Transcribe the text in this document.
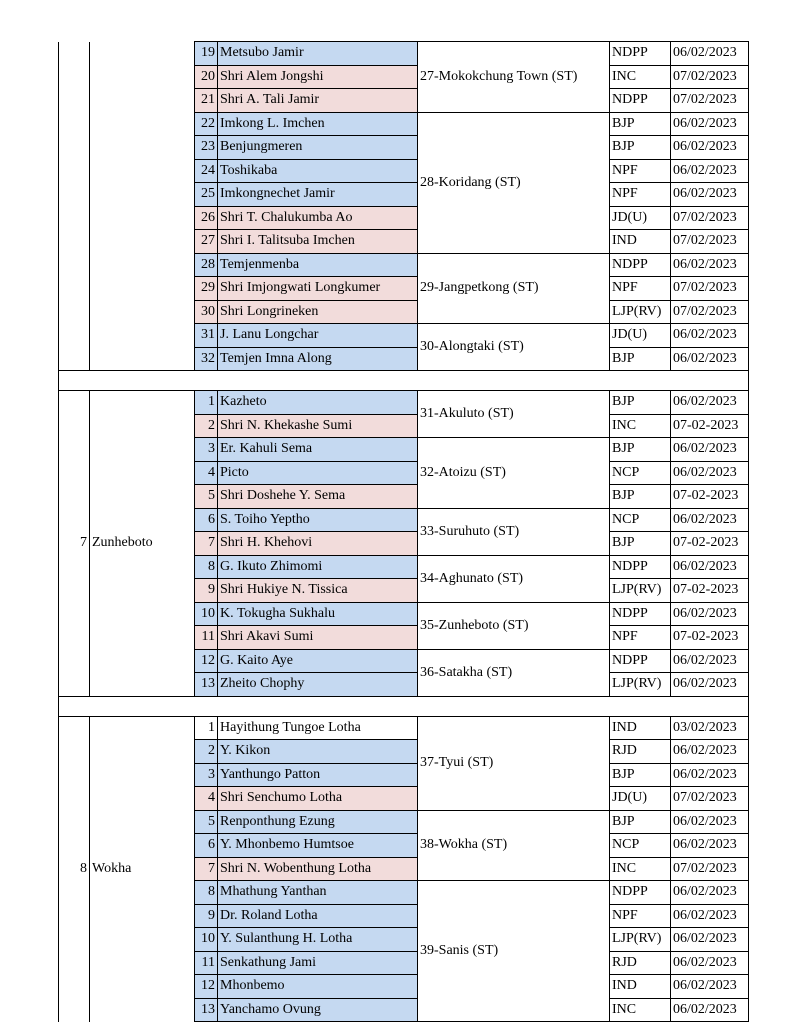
		19	Metsubo Jamir	27-Mokokchung Town (ST)	NDPP	06/02/2023
		20	Shri Alem Jongshi		INC	07/02/2023
		21	Shri A. Tali Jamir		NDPP	07/02/2023
		22	Imkong L. Imchen	28-Koridang (ST)	BJP	06/02/2023
		23	Benjungmeren		BJP	06/02/2023
		24	Toshikaba		NPF	06/02/2023
		25	Imkongnechet Jamir		NPF	06/02/2023
		26	Shri T. Chalukumba Ao		JD(U)	07/02/2023
		27	Shri I. Talitsuba Imchen		IND	07/02/2023
		28	Temjenmenba	29-Jangpetkong (ST)	NDPP	06/02/2023
		29	Shri Imjongwati Longkumer		NPF	07/02/2023
		30	Shri Longrineken		LJP(RV)	07/02/2023
		31	J. Lanu Longchar	30-Alongtaki (ST)	JD(U)	06/02/2023
		32	Temjen Imna Along		BJP	06/02/2023

7	Zunheboto	1	Kazheto	31-Akuluto (ST)	BJP	06/02/2023
		2	Shri N. Khekashe Sumi		INC	07-02-2023
		3	Er. Kahuli Sema	32-Atoizu (ST)	BJP	06/02/2023
		4	Picto		NCP	06/02/2023
		5	Shri Doshehe Y. Sema		BJP	07-02-2023
		6	S. Toiho Yeptho	33-Suruhuto (ST)	NCP	06/02/2023
		7	Shri H. Khehovi		BJP	07-02-2023
		8	G. Ikuto Zhimomi	34-Aghunato (ST)	NDPP	06/02/2023
		9	Shri Hukiye N. Tissica		LJP(RV)	07-02-2023
		10	K. Tokugha Sukhalu	35-Zunheboto (ST)	NDPP	06/02/2023
		11	Shri Akavi Sumi		NPF	07-02-2023
		12	G. Kaito Aye	36-Satakha (ST)	NDPP	06/02/2023
		13	Zheito Chophy		LJP(RV)	06/02/2023

8	Wokha	1	Hayithung Tungoe Lotha	37-Tyui (ST)	IND	03/02/2023
		2	Y. Kikon		RJD	06/02/2023
		3	Yanthungo Patton		BJP	06/02/2023
		4	Shri Senchumo Lotha		JD(U)	07/02/2023
		5	Renponthung Ezung	38-Wokha (ST)	BJP	06/02/2023
		6	Y. Mhonbemo Humtsoe		NCP	06/02/2023
		7	Shri N. Wobenthung Lotha		INC	07/02/2023
		8	Mhathung Yanthan	39-Sanis (ST)	NDPP	06/02/2023
		9	Dr. Roland Lotha		NPF	06/02/2023
		10	Y. Sulanthung H. Lotha		LJP(RV)	06/02/2023
		11	Senkathung Jami		RJD	06/02/2023
		12	Mhonbemo		IND	06/02/2023
		13	Yanchamo Ovung		INC	06/02/2023
